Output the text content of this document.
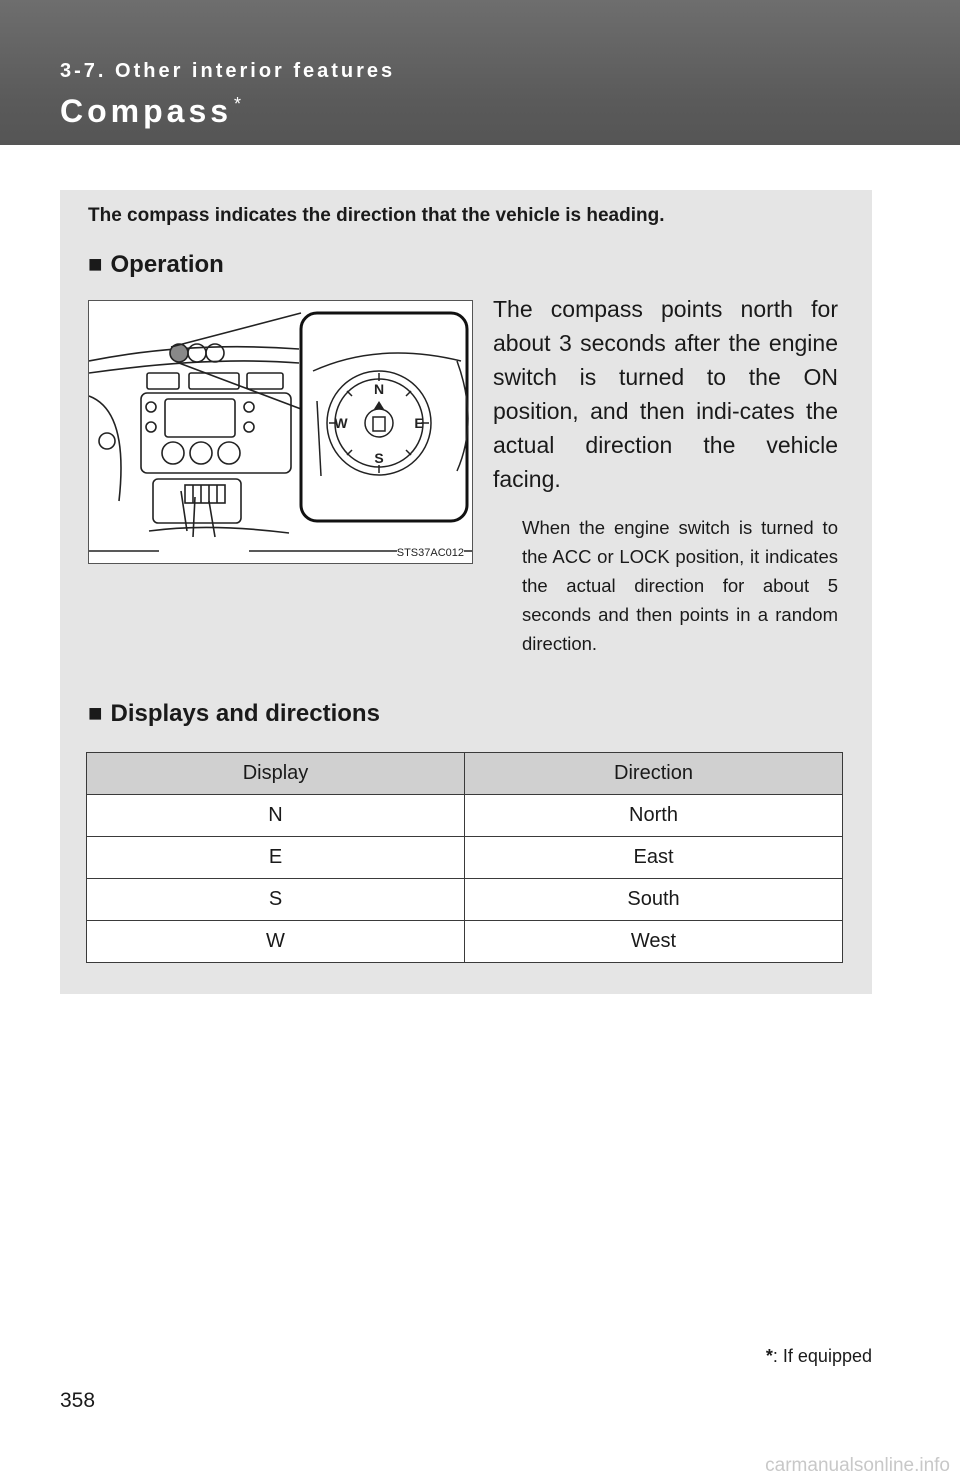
3-7. Other interior features
Compass *
The compass indicates the direction that the vehicle is heading.
■ Operation
N
E
S
W
STS37AC012

The compass points north for about 3 seconds after the engine switch is turned to the ON position, and then indi-cates the actual direction the vehicle facing.

When the engine switch is turned to the ACC or LOCK position, it indicates the actual direction for about 5 seconds and then points in a random direction.

■ Displays and directions
Display	Direction
N	North
E	East
S	South
W	West
*: If equipped
358
carmanualsonline.info
